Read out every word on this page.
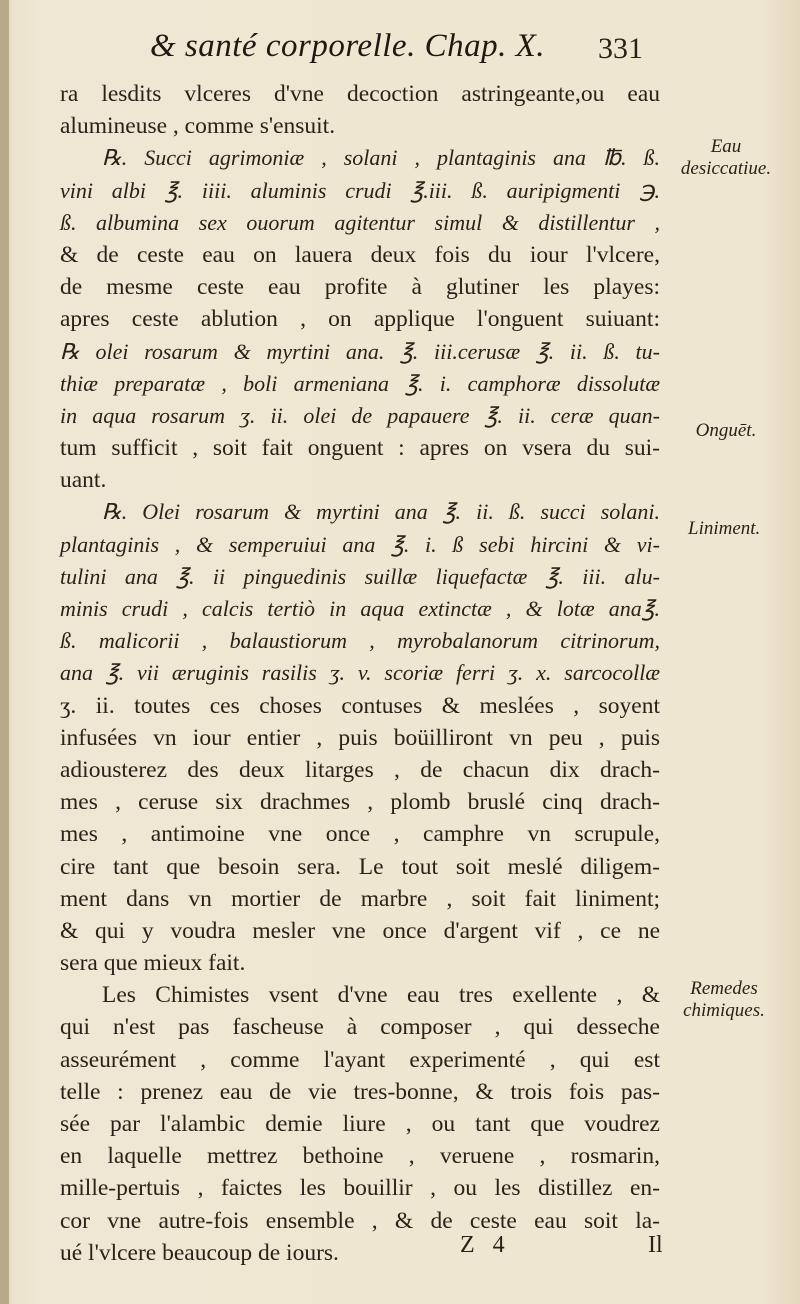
& santé corporelle. Chap. X. 331
ra lesdits vlceres d'vne decoction astringeante,ou eau
alumineuse , comme s'ensuit.
℞. Succi agrimoniæ , solani , plantaginis ana ℔. ß.
vini albi ℥. iiii. aluminis crudi ℥.iii. ß. auripigmenti ℈.
ß. albumina sex ouorum agitentur simul & distillentur ,
& de ceste eau on lauera deux fois du iour l'vlcere,
de mesme ceste eau profite à glutiner les playes:
apres ceste ablution , on applique l'onguent suiuant:
℞ olei rosarum & myrtini ana. ℥. iii.cerusæ ℥. ii. ß. tu-
thiæ preparatæ , boli armeniana ℥. i. camphoræ dissolutæ
in aqua rosarum ʒ. ii. olei de papauere ℥. ii. ceræ quan-
tum sufficit , soit fait onguent : apres on vsera du sui-
uant.
℞. Olei rosarum & myrtini ana ℥. ii. ß. succi solani.
plantaginis , & semperuiui ana ℥. i. ß sebi hircini & vi-
tulini ana ℥. ii pinguedinis suillæ liquefactæ ℥. iii. alu-
minis crudi , calcis tertiò in aqua extinctæ , & lotæ ana℥.
ß. malicorii , balaustiorum , myrobalanorum citrinorum,
ana ℥. vii æruginis rasilis ʒ. v. scoriæ ferri ʒ. x. sarcocollæ
ʒ. ii. toutes ces choses contuses & meslées , soyent
infusées vn iour entier , puis boüilliront vn peu , puis
adiousterez des deux litarges , de chacun dix drach-
mes , ceruse six drachmes , plomb bruslé cinq drach-
mes , antimoine vne once , camphre vn scrupule,
cire tant que besoin sera. Le tout soit meslé diligem-
ment dans vn mortier de marbre , soit fait liniment;
& qui y voudra mesler vne once d'argent vif , ce ne
sera que mieux fait.
Les Chimistes vsent d'vne eau tres exellente , &
qui n'est pas fascheuse à composer , qui desseche
asseurément , comme l'ayant experimenté , qui est
telle : prenez eau de vie tres-bonne, & trois fois pas-
sée par l'alambic demie liure , ou tant que voudrez
en laquelle mettrez bethoine , veruene , rosmarin,
mille-pertuis , faictes les bouillir , ou les distillez en-
cor vne autre-fois ensemble , & de ceste eau soit la-
ué l'vlcere beaucoup de iours.
Eau desiccatiue.
Onguēt.
Liniment.
Remedes chimiques.
Z 4	Il
